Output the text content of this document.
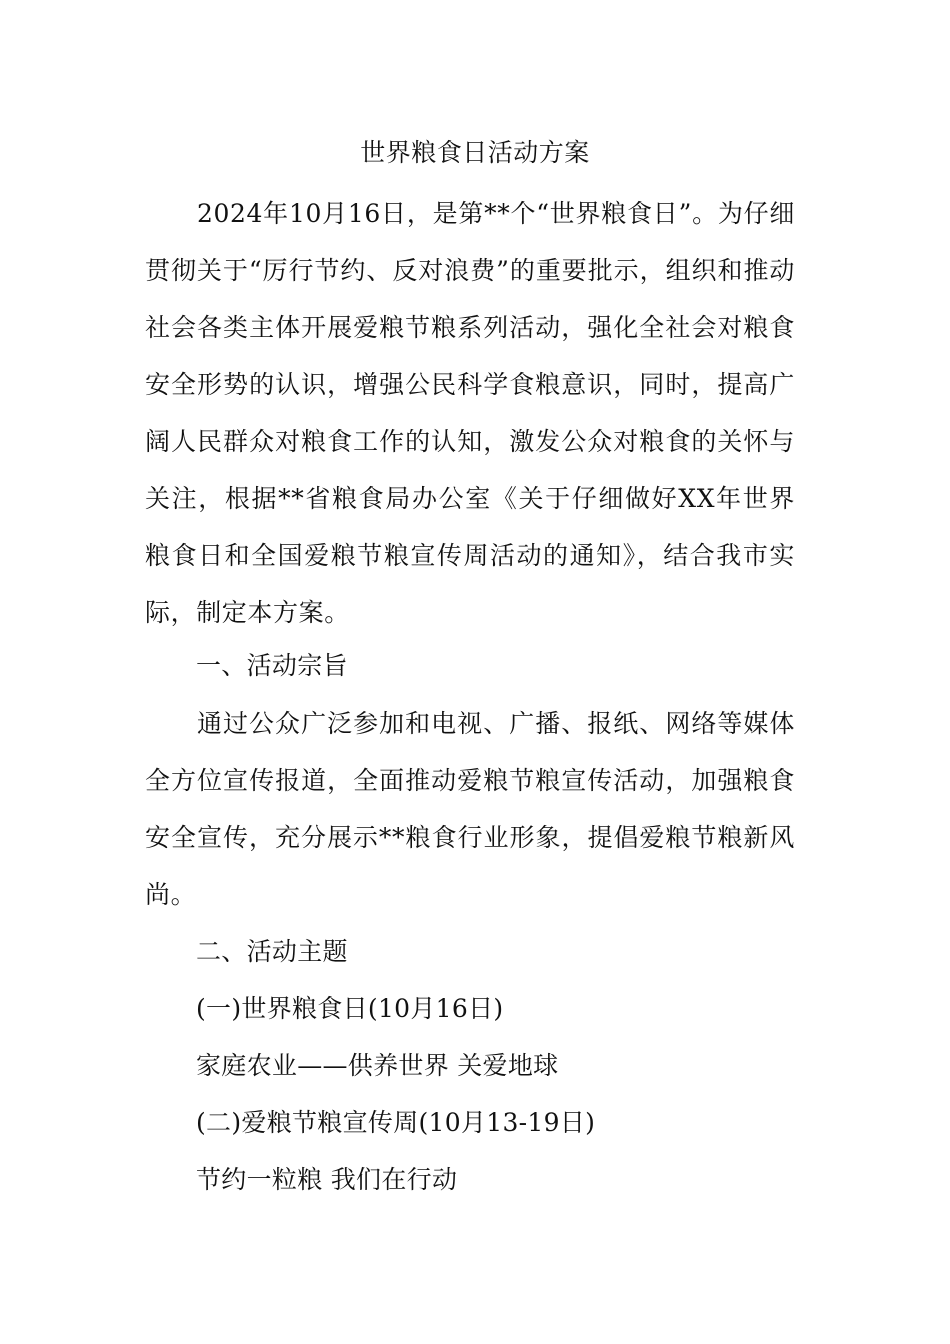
世界粮食日活动方案
2024年10月16日，是第**个“世界粮食日”。为仔细贯彻关于“厉行节约、反对浪费”的重要批示，组织和推动社会各类主体开展爱粮节粮系列活动，强化全社会对粮食安全形势的认识，增强公民科学食粮意识，同时，提高广阔人民群众对粮食工作的认知，激发公众对粮食的关怀与关注，根据**省粮食局办公室《关于仔细做好XX年世界粮食日和全国爱粮节粮宣传周活动的通知》，结合我市实际，制定本方案。
一、活动宗旨
通过公众广泛参加和电视、广播、报纸、网络等媒体全方位宣传报道，全面推动爱粮节粮宣传活动，加强粮食安全宣传，充分展示**粮食行业形象，提倡爱粮节粮新风尚。
二、活动主题
(一)世界粮食日(10月16日)
家庭农业——供养世界 关爱地球
(二)爱粮节粮宣传周(10月13-19日)
节约一粒粮 我们在行动
